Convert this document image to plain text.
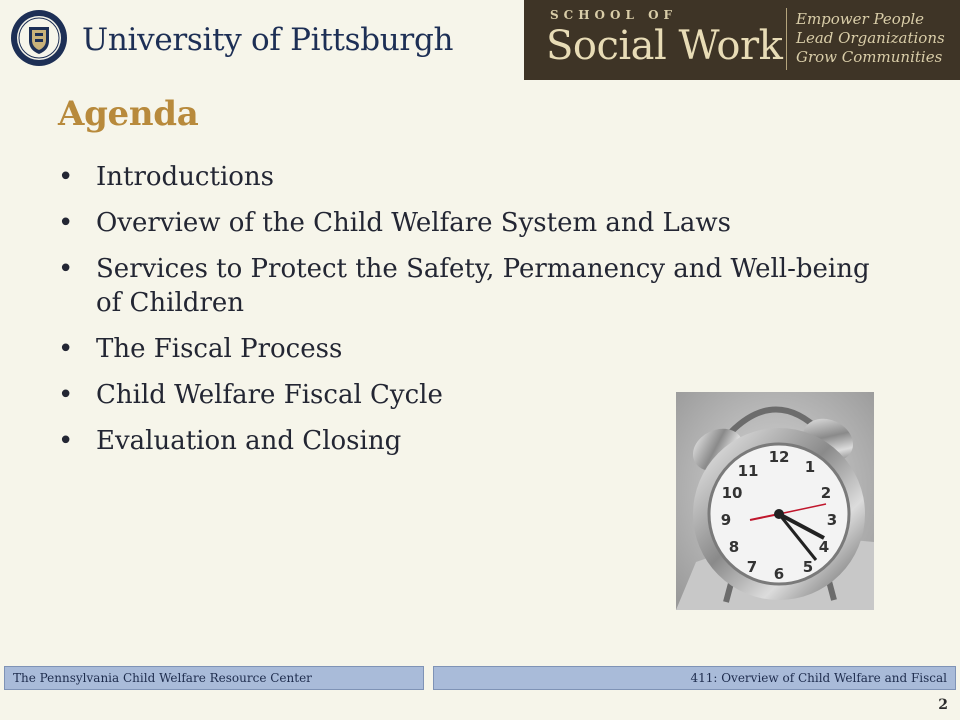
University of Pittsburgh
SCHOOL OF
Social Work
Empower People
Lead Organizations
Grow Communities
Agenda
• Introductions
• Overview of the Child Welfare System and Laws
• Services to Protect the Safety, Permanency and Well-being of Children
• The Fiscal Process
• Child Welfare Fiscal Cycle
• Evaluation and Closing
12
1
2
3
4
5
6
7
8
9
10
11
The Pennsylvania Child Welfare Resource Center	411: Overview of Child Welfare and Fiscal
2
